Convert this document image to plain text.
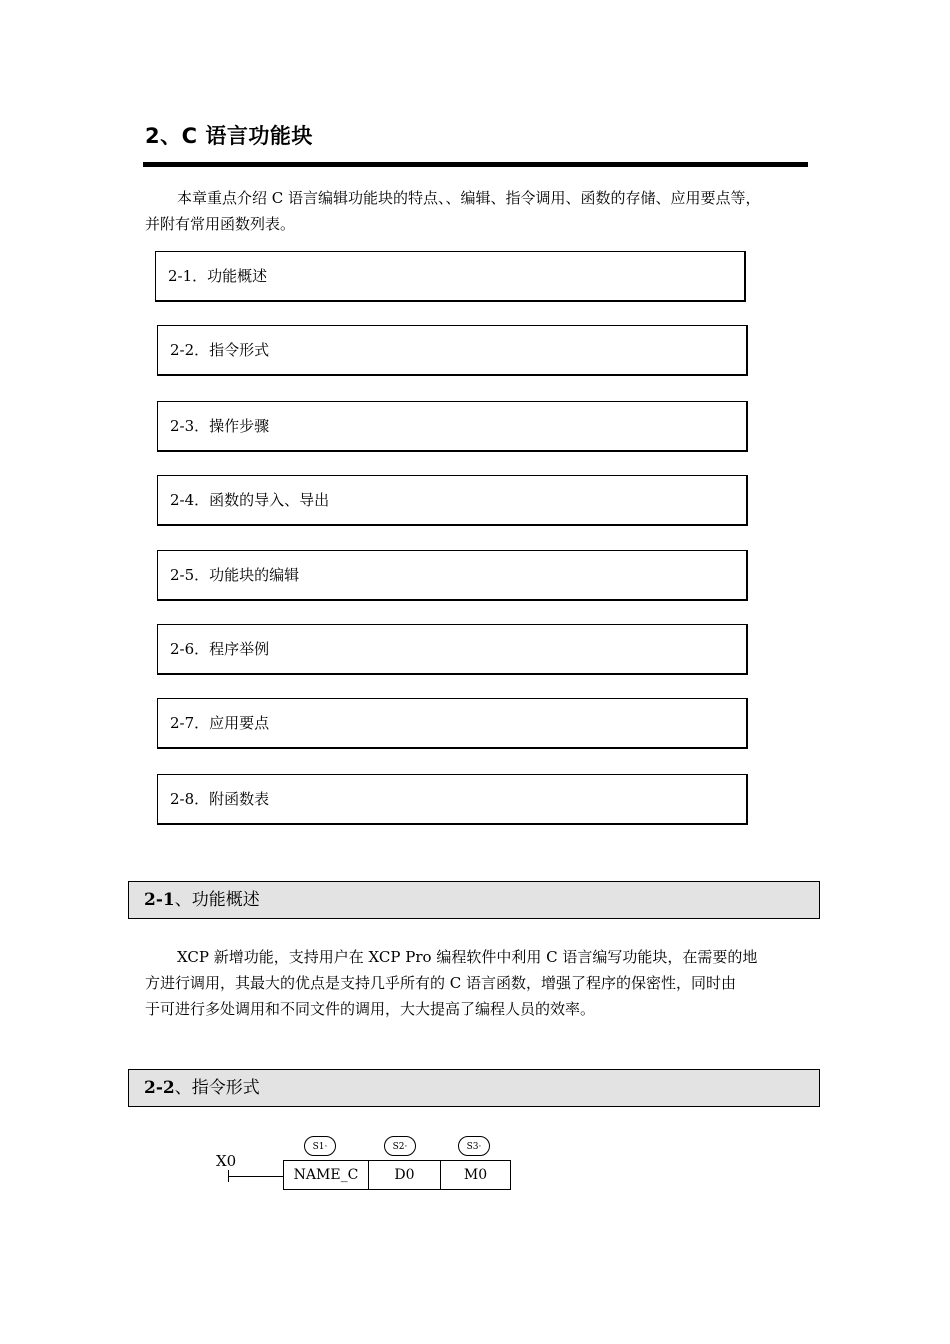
2、C 语言功能块

本章重点介绍 C 语言编辑功能块的特点、、编辑、指令调用、函数的存储、应用要点等，

并附有常用函数列表。

2-1．功能概述
2-2．指令形式
2-3．操作步骤
2-4．函数的导入、导出
2-5．功能块的编辑
2-6．程序举例
2-7．应用要点
2-8．附函数表
2-1、功能概述

XCP 新增功能，支持用户在 XCP Pro 编程软件中利用 C 语言编写功能块，在需要的地

方进行调用，其最大的优点是支持几乎所有的 C 语言函数，增强了程序的保密性，同时由

于可进行多处调用和不同文件的调用，大大提高了编程人员的效率。

2-2、指令形式
S1·	S2·	S3·
X0
NAME_C	D0	M0
